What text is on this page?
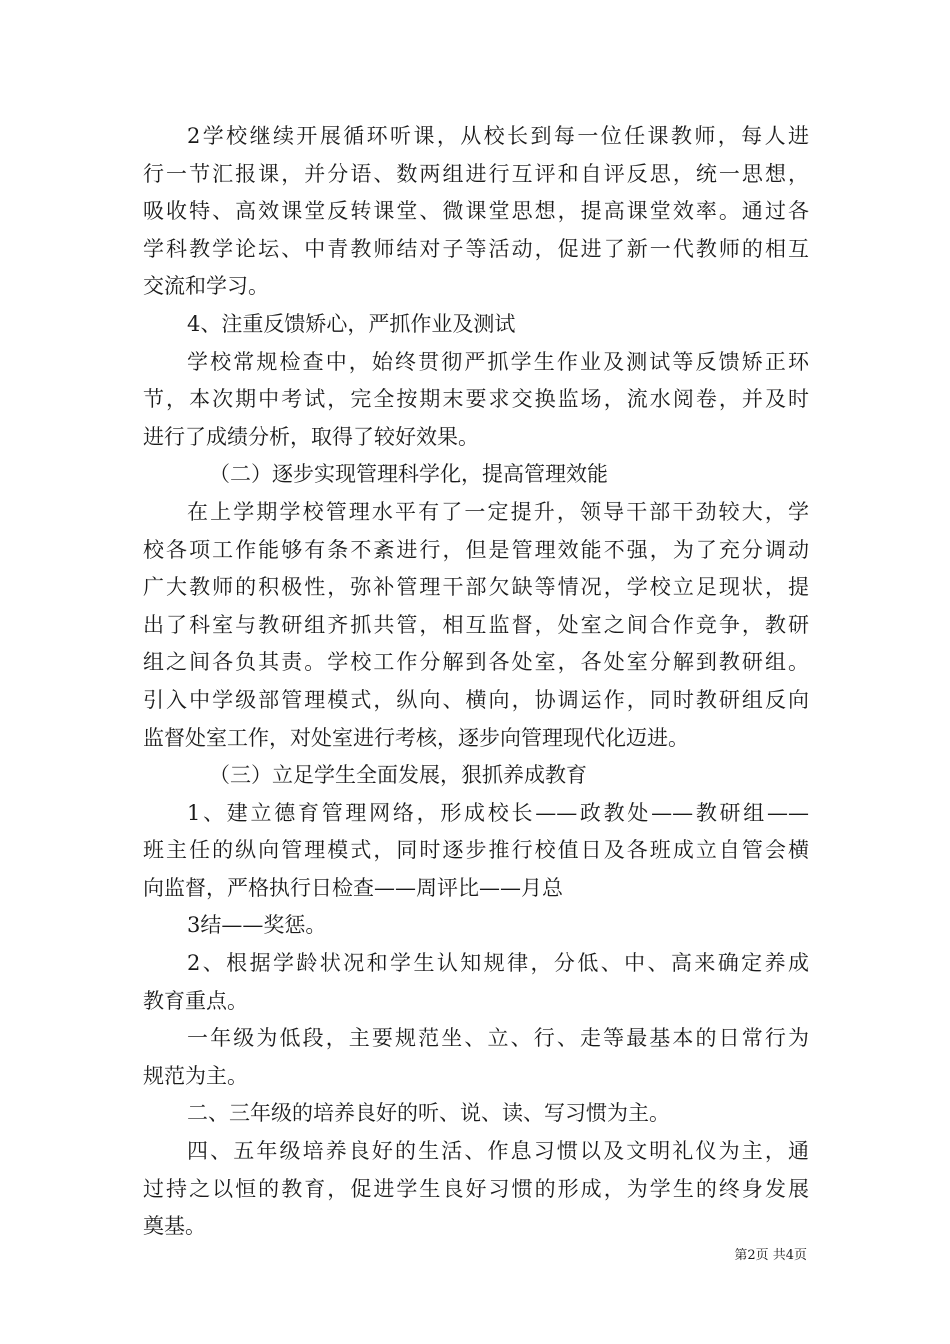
2学校继续开展循环听课，从校长到每一位任课教师，每人进
行一节汇报课，并分语、数两组进行互评和自评反思，统一思想，
吸收特、高效课堂反转课堂、微课堂思想，提高课堂效率。通过各
学科教学论坛、中青教师结对子等活动，促进了新一代教师的相互
交流和学习。
4、注重反馈矫心，严抓作业及测试
学校常规检查中，始终贯彻严抓学生作业及测试等反馈矫正环
节，本次期中考试，完全按期末要求交换监场，流水阅卷，并及时
进行了成绩分析，取得了较好效果。
（二）逐步实现管理科学化，提高管理效能
在上学期学校管理水平有了一定提升，领导干部干劲较大，学
校各项工作能够有条不紊进行，但是管理效能不强，为了充分调动
广大教师的积极性，弥补管理干部欠缺等情况，学校立足现状，提
出了科室与教研组齐抓共管，相互监督，处室之间合作竞争，教研
组之间各负其责。学校工作分解到各处室，各处室分解到教研组。
引入中学级部管理模式，纵向、横向，协调运作，同时教研组反向
监督处室工作，对处室进行考核，逐步向管理现代化迈进。
（三）立足学生全面发展，狠抓养成教育
1、建立德育管理网络，形成校长——政教处——教研组——
班主任的纵向管理模式，同时逐步推行校值日及各班成立自管会横
向监督，严格执行日检查——周评比——月总
3结——奖惩。
2、根据学龄状况和学生认知规律，分低、中、高来确定养成
教育重点。
一年级为低段，主要规范坐、立、行、走等最基本的日常行为
规范为主。
二、三年级的培养良好的听、说、读、写习惯为主。
四、五年级培养良好的生活、作息习惯以及文明礼仪为主，通
过持之以恒的教育，促进学生良好习惯的形成，为学生的终身发展
奠基。
第2页 共4页
